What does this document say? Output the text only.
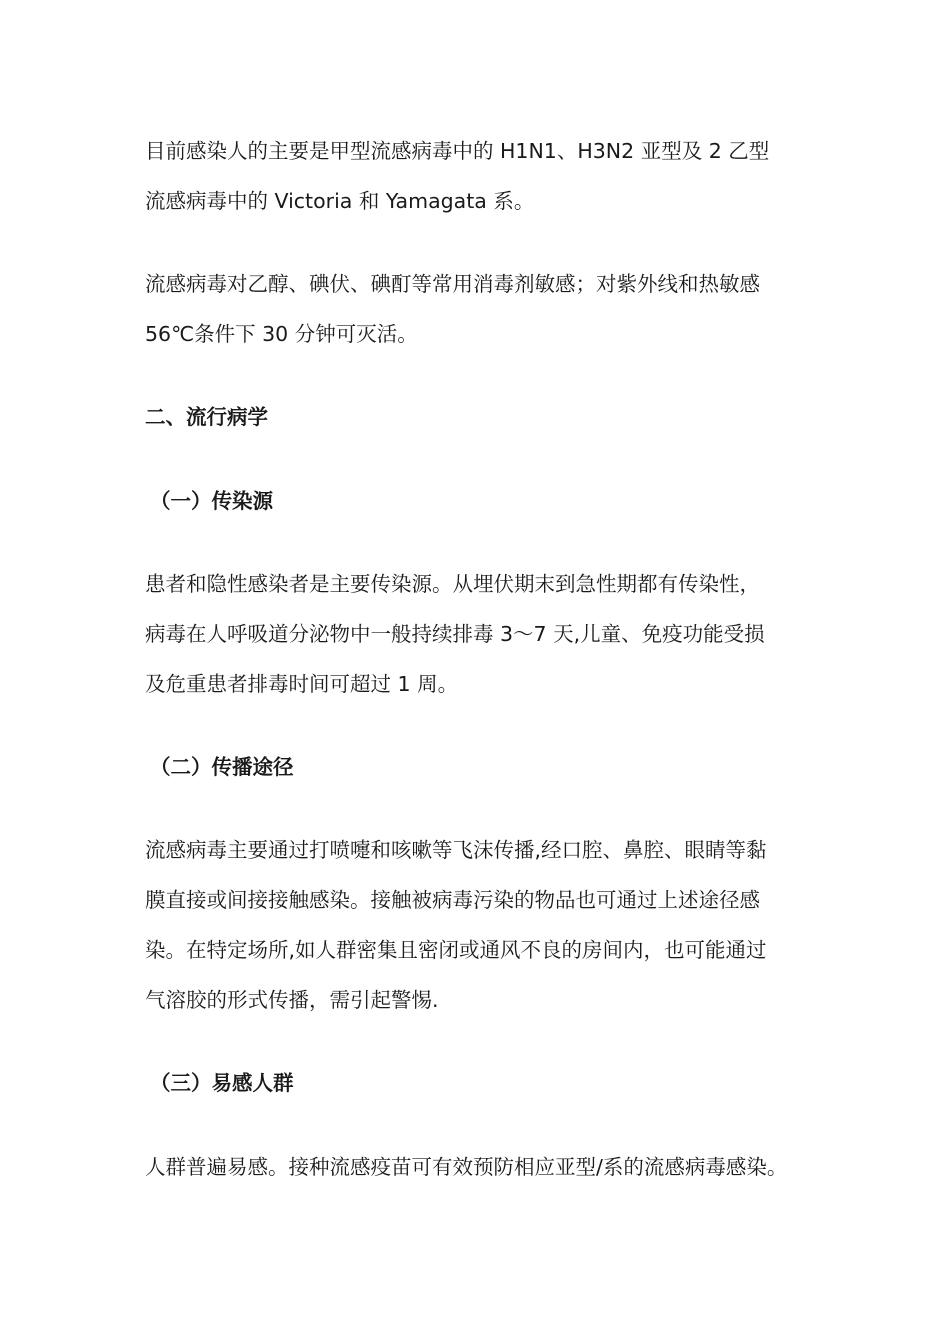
目前感染人的主要是甲型流感病毒中的 H1N1、H3N2 亚型及 2 乙型
流感病毒中的 Victoria 和 Yamagata 系。
流感病毒对乙醇、碘伏、碘酊等常用消毒剂敏感；对紫外线和热敏感
56℃条件下 30 分钟可灭活。
二、流行病学
（一）传染源
患者和隐性感染者是主要传染源。从埋伏期末到急性期都有传染性，
病毒在人呼吸道分泌物中一般持续排毒 3～7 天,儿童、免疫功能受损
及危重患者排毒时间可超过 1 周。
（二）传播途径
流感病毒主要通过打喷嚏和咳嗽等飞沫传播,经口腔、鼻腔、眼睛等黏
膜直接或间接接触感染。接触被病毒污染的物品也可通过上述途径感
染。在特定场所,如人群密集且密闭或通风不良的房间内，也可能通过
气溶胶的形式传播，需引起警惕.
（三）易感人群
人群普遍易感。接种流感疫苗可有效预防相应亚型/系的流感病毒感染。
